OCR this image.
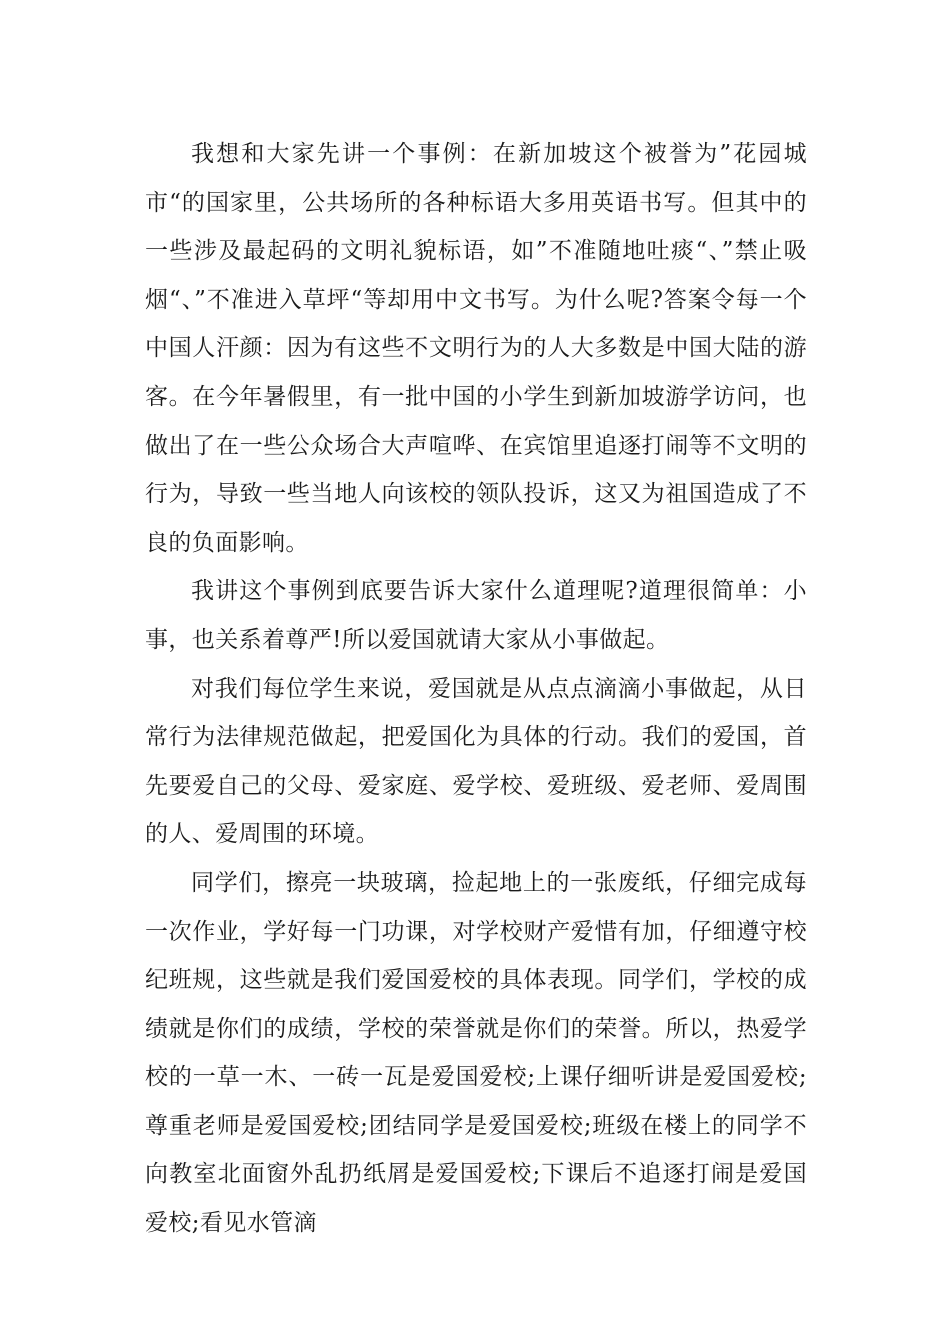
我想和大家先讲一个事例：在新加坡这个被誉为”花园城市“的国家里，公共场所的各种标语大多用英语书写。但其中的一些涉及最起码的文明礼貌标语，如”不准随地吐痰“、”禁止吸烟“、”不准进入草坪“等却用中文书写。为什么呢?答案令每一个中国人汗颜：因为有这些不文明行为的人大多数是中国大陆的游客。在今年暑假里，有一批中国的小学生到新加坡游学访问，也做出了在一些公众场合大声喧哗、在宾馆里追逐打闹等不文明的行为，导致一些当地人向该校的领队投诉，这又为祖国造成了不良的负面影响。

我讲这个事例到底要告诉大家什么道理呢?道理很简单：小事，也关系着尊严!所以爱国就请大家从小事做起。

对我们每位学生来说，爱国就是从点点滴滴小事做起，从日常行为法律规范做起，把爱国化为具体的行动。我们的爱国，首先要爱自己的父母、爱家庭、爱学校、爱班级、爱老师、爱周围的人、爱周围的环境。

同学们，擦亮一块玻璃，捡起地上的一张废纸，仔细完成每一次作业，学好每一门功课，对学校财产爱惜有加，仔细遵守校纪班规，这些就是我们爱国爱校的具体表现。同学们，学校的成绩就是你们的成绩，学校的荣誉就是你们的荣誉。所以，热爱学校的一草一木、一砖一瓦是爱国爱校;上课仔细听讲是爱国爱校;尊重老师是爱国爱校;团结同学是爱国爱校;班级在楼上的同学不向教室北面窗外乱扔纸屑是爱国爱校;下课后不追逐打闹是爱国爱校;看见水管滴
